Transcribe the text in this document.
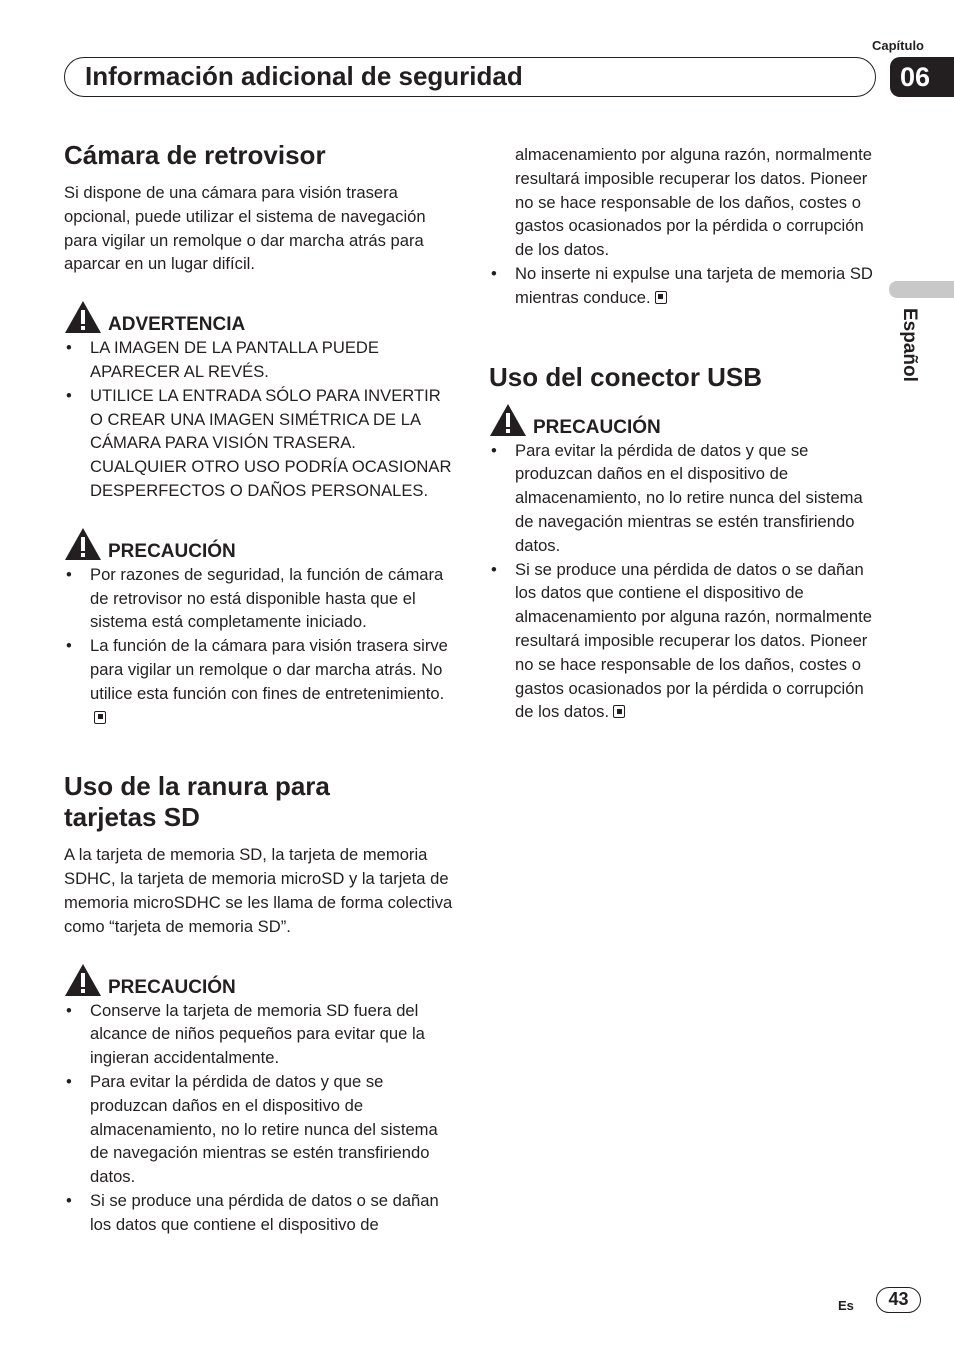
Capítulo
06
Información adicional de seguridad
Español
Cámara de retrovisor

Si dispone de una cámara para visión trasera opcional, puede utilizar el sistema de navegación para vigilar un remolque o dar marcha atrás para aparcar en un lugar difícil.

ADVERTENCIA
• LA IMAGEN DE LA PANTALLA PUEDE APARECER AL REVÉS.
• UTILICE LA ENTRADA SÓLO PARA INVERTIR O CREAR UNA IMAGEN SIMÉTRICA DE LA CÁMARA PARA VISIÓN TRASERA. CUALQUIER OTRO USO PODRÍA OCASIONAR DESPERFECTOS O DAÑOS PERSONALES.
PRECAUCIÓN
• Por razones de seguridad, la función de cámara de retrovisor no está disponible hasta que el sistema está completamente iniciado.
• La función de la cámara para visión trasera sirve para vigilar un remolque o dar marcha atrás. No utilice esta función con fines de entretenimiento.
Uso de la ranura para
tarjetas SD

A la tarjeta de memoria SD, la tarjeta de memoria SDHC, la tarjeta de memoria microSD y la tarjeta de memoria microSDHC se les llama de forma colectiva como “tarjeta de memoria SD”.

PRECAUCIÓN
• Conserve la tarjeta de memoria SD fuera del alcance de niños pequeños para evitar que la ingieran accidentalmente.
• Para evitar la pérdida de datos y que se produzcan daños en el dispositivo de almacenamiento, no lo retire nunca del sistema de navegación mientras se estén transfiriendo datos.
• Si se produce una pérdida de datos o se dañan los datos que contiene el dispositivo de
almacenamiento por alguna razón, normalmente resultará imposible recuperar los datos. Pioneer no se hace responsable de los daños, costes o gastos ocasionados por la pérdida o corrupción de los datos.
• No inserte ni expulse una tarjeta de memoria SD mientras conduce.
Uso del conector USB
PRECAUCIÓN
• Para evitar la pérdida de datos y que se produzcan daños en el dispositivo de almacenamiento, no lo retire nunca del sistema de navegación mientras se estén transfiriendo datos.
• Si se produce una pérdida de datos o se dañan los datos que contiene el dispositivo de almacenamiento por alguna razón, normalmente resultará imposible recuperar los datos. Pioneer no se hace responsable de los daños, costes o gastos ocasionados por la pérdida o corrupción de los datos.
Es	43
